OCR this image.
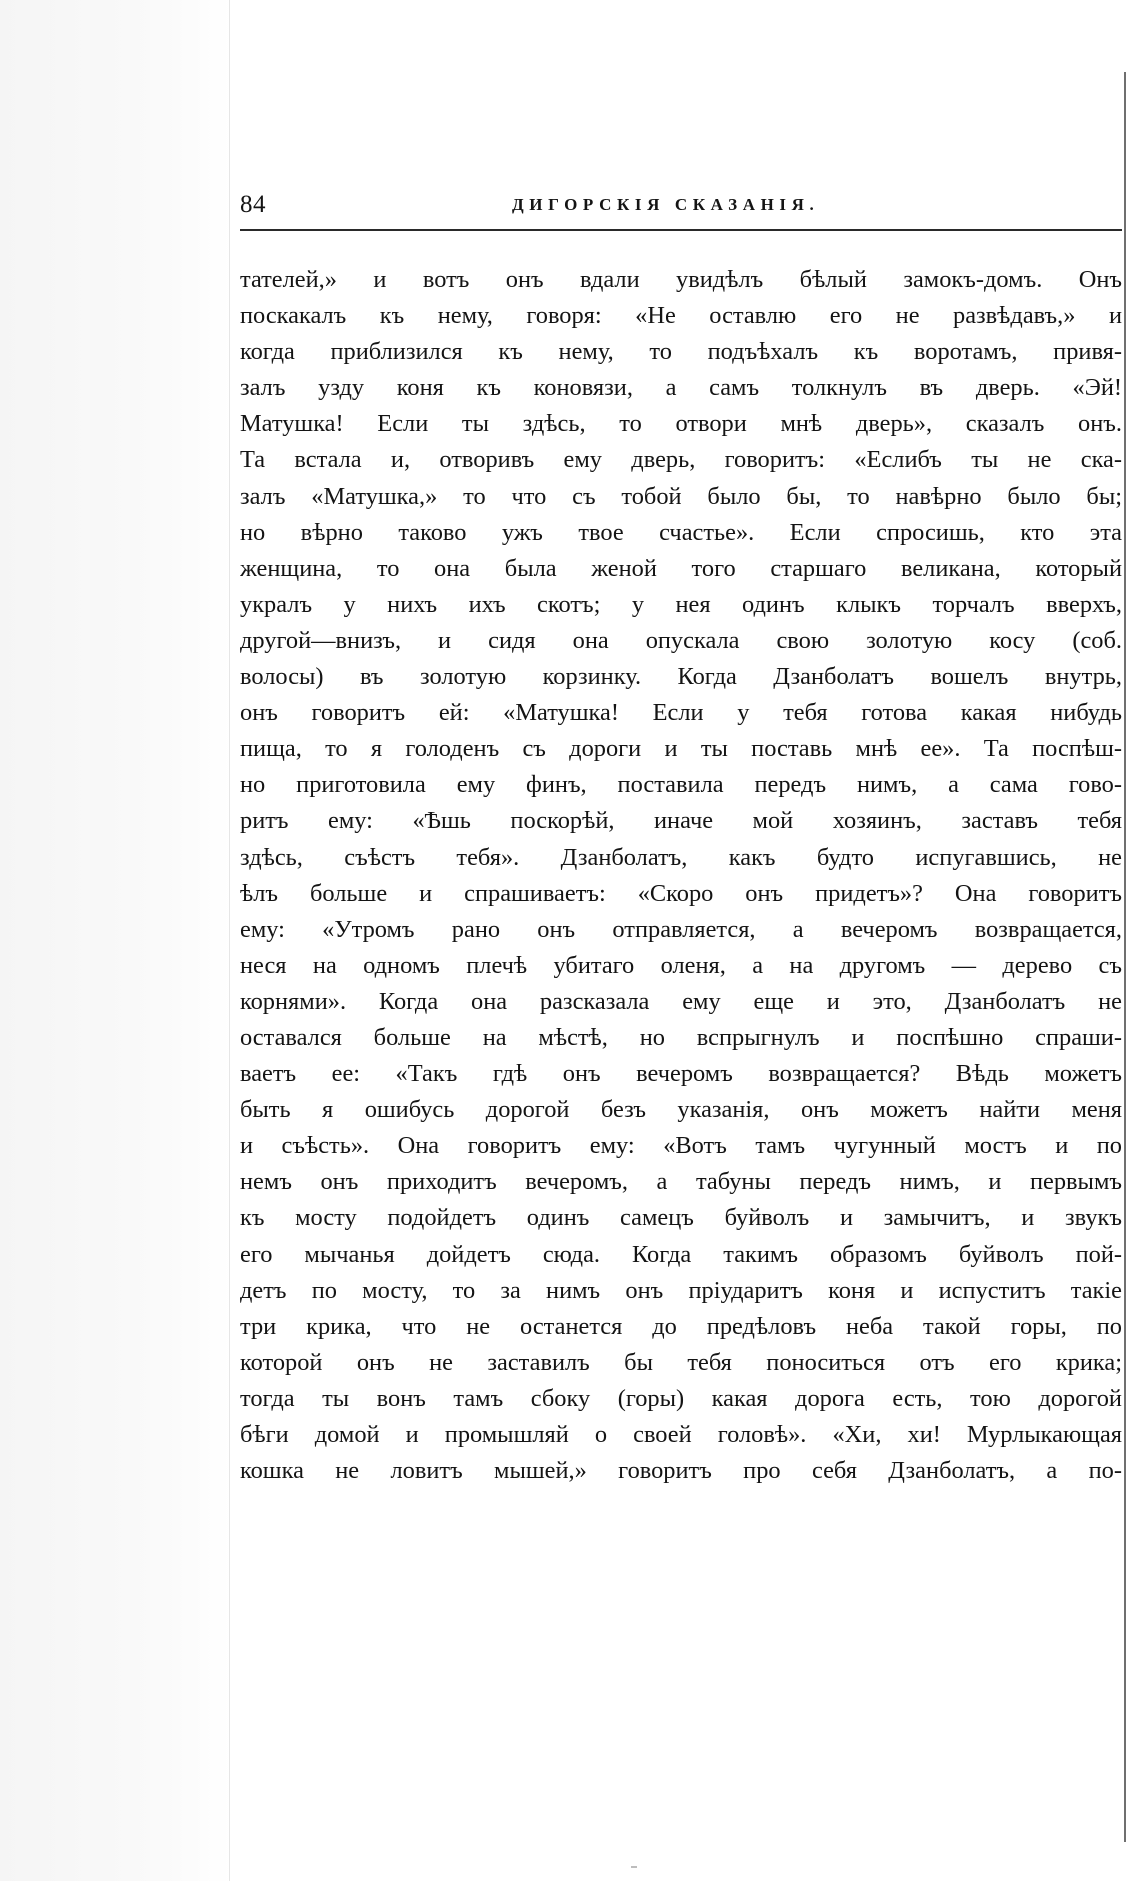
84	ДИГОРСКІЯ СКАЗАНІЯ.
тателей,» и вотъ онъ вдали увидѣлъ бѣлый замокъ-домъ. Онъ
поскакалъ къ нему, говоря: «Не оставлю его не развѣдавъ,» и
когда приблизился къ нему, то подъѣхалъ къ воротамъ, привя-
залъ узду коня къ коновязи, а самъ толкнулъ въ дверь. «Эй!
Матушка! Если ты здѣсь, то отвори мнѣ дверь», сказалъ онъ.
Та встала и, отворивъ ему дверь, говоритъ: «Еслибъ ты не ска-
залъ «Матушка,» то что съ тобой было бы, то навѣрно было бы;
но вѣрно таково ужъ твое счастье». Если спросишь, кто эта
женщина, то она была женой того старшаго великана, который
укралъ у нихъ ихъ скотъ; у нея одинъ клыкъ торчалъ вверхъ,
другой—внизъ, и сидя она опускала свою золотую косу (соб.
волосы) въ золотую корзинку. Когда Дзанболатъ вошелъ внутрь,
онъ говоритъ ей: «Матушка! Если у тебя готова какая нибудь
пища, то я голоденъ съ дороги и ты поставь мнѣ ее». Та поспѣш-
но приготовила ему финъ, поставила передъ нимъ, а сама гово-
ритъ ему: «Ѣшь поскорѣй, иначе мой хозяинъ, заставъ тебя
здѣсь, съѣстъ тебя». Дзанболатъ, какъ будто испугавшись, не
ѣлъ больше и спрашиваетъ: «Скоро онъ придетъ»? Она говоритъ
ему: «Утромъ рано онъ отправляется, а вечеромъ возвращается,
неся на одномъ плечѣ убитаго оленя, а на другомъ — дерево съ
корнями». Когда она разсказала ему еще и это, Дзанболатъ не
оставался больше на мѣстѣ, но вспрыгнулъ и поспѣшно спраши-
ваетъ ее: «Такъ гдѣ онъ вечеромъ возвращается? Вѣдь можетъ
быть я ошибусь дорогой безъ указанія, онъ можетъ найти меня
и съѣсть». Она говоритъ ему: «Вотъ тамъ чугунный мостъ и по
немъ онъ приходитъ вечеромъ, а табуны передъ нимъ, и первымъ
къ мосту подойдетъ одинъ самецъ буйволъ и замычитъ, и звукъ
его мычанья дойдетъ сюда. Когда такимъ образомъ буйволъ пой-
детъ по мосту, то за нимъ онъ пріударитъ коня и испуститъ такіе
три крика, что не останется до предѣловъ неба такой горы, по
которой онъ не заставилъ бы тебя поноситься отъ его крика;
тогда ты вонъ тамъ сбоку (горы) какая дорога есть, тою дорогой
бѣги домой и промышляй о своей головѣ». «Хи, хи! Мурлыкающая
кошка не ловитъ мышей,» говоритъ про себя Дзанболатъ, а по-
